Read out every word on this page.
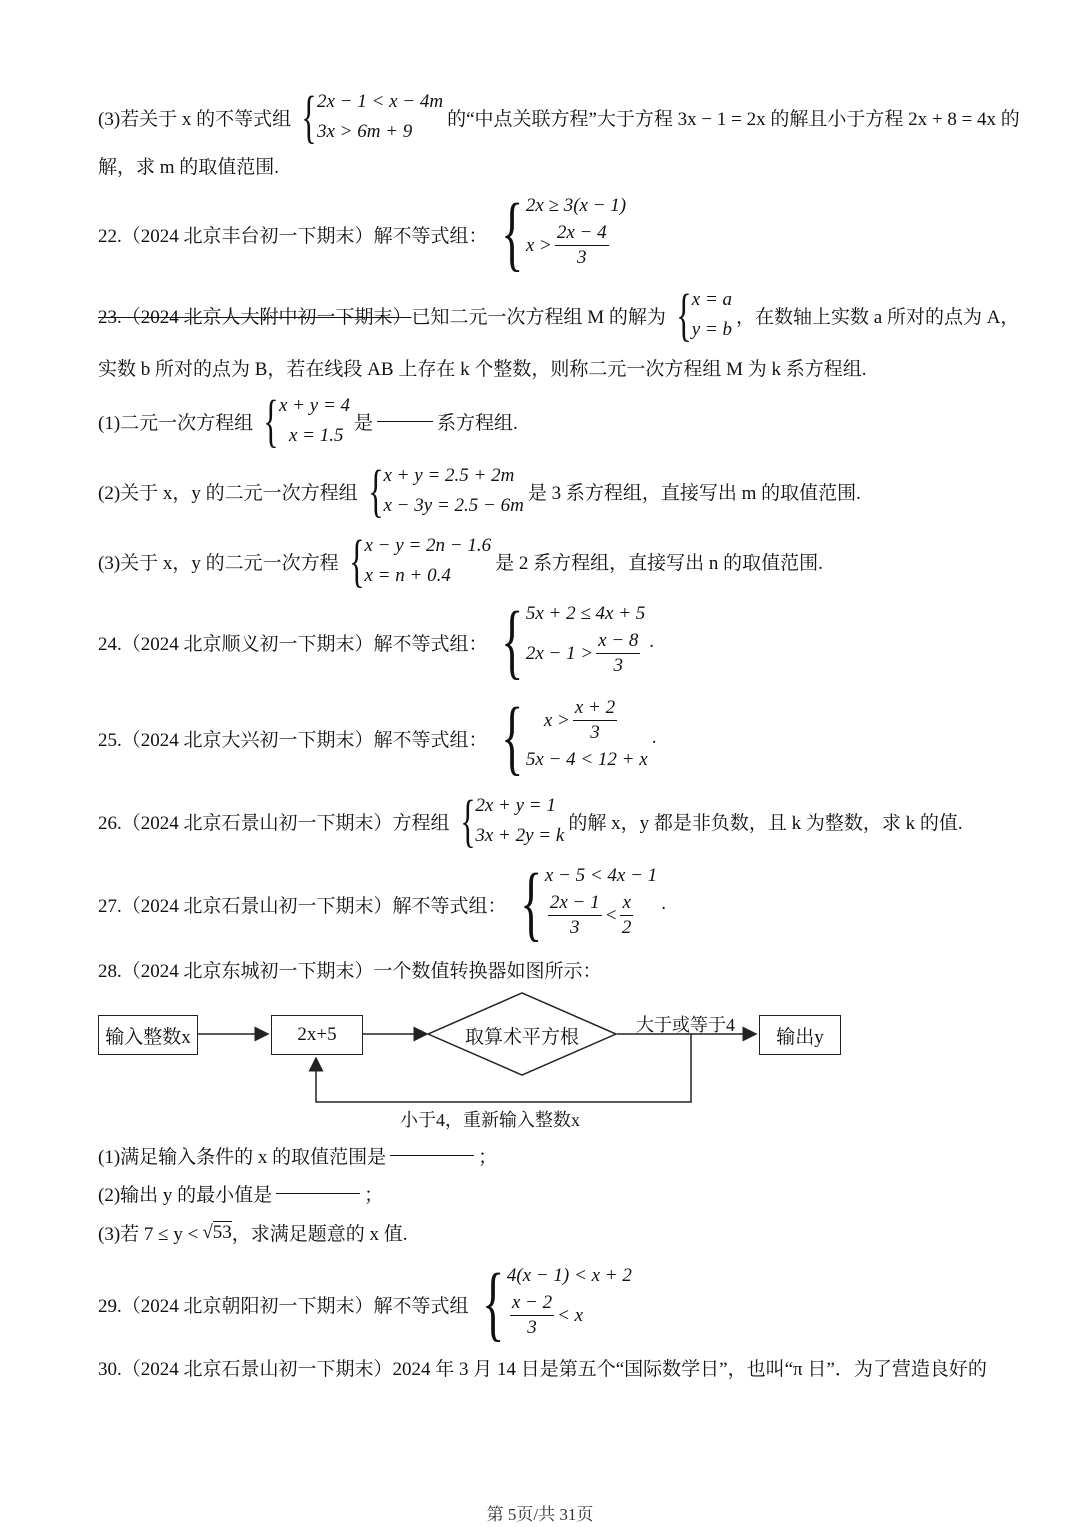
(3)若关于 x 的不等式组 { 2x − 1 < x − 4m
3x > 6m + 9
的“中点关联方程”大于方程 3x − 1 = 2x 的解且小于方程 2x + 8 = 4x 的
解，求 m 的取值范围.
22.（2024 北京丰台初一下期末）解不等式组： { 2x ≥ 3(x − 1)
$x > \frac{2x - 4}{3}$
23.（2024 北京人大附中初一下期末） 已知二元一次方程组 M 的解为 { x = a
y = b
，在数轴上实数 a 所对的点为 A，
实数 b 所对的点为 B，若在线段 AB 上存在 k 个整数，则称二元一次方程组 M 为 k 系方程组.
(1)二元一次方程组 { x + y = 4
x = 1.5
是	系方程组.
(2)关于 x，y 的二元一次方程组 { x + y = 2.5 + 2m
x − 3y = 2.5 − 6m
是 3 系方程组，直接写出 m 的取值范围.
(3)关于 x，y 的二元一次方程 { x − y = 2n − 1.6
x = n + 0.4
是 2 系方程组，直接写出 n 的取值范围.
24.（2024 北京顺义初一下期末）解不等式组： { 5x + 2 ≤ 4x + 5
$2x - 1 > \frac{x - 8}{3}$ .
25.（2024 北京大兴初一下期末）解不等式组： { $x > \frac{x + 2}{3}$
5x − 4 < 12 + x
.
26.（2024 北京石景山初一下期末）方程组 { 2x + y = 1
3x + 2y = k
的解 x，y 都是非负数，且 k 为整数，求 k 的值.
27.（2024 北京石景山初一下期末）解不等式组： { x − 5 < 4x − 1
$\frac{2x - 1}{3} < \frac{x}{2}$ .
28.（2024 北京东城初一下期末）一个数值转换器如图所示：
输入整数x	2x+5	取算术平方根
大于或等于4
输出y
小于4，重新输入整数x
(1)满足输入条件的 x 的取值范围是	；
(2)输出 y 的最小值是	；
(3)若 7 ≤ y < √ 53 ，求满足题意的 x 值.
29.（2024 北京朝阳初一下期末）解不等式组 { 4(x − 1) < x + 2
$\frac{x - 2}{3} < x$
30.（2024 北京石景山初一下期末）2024 年 3 月 14 日是第五个“国际数学日”，也叫“π 日”．为了营造良好的
第 5页/共 31页
